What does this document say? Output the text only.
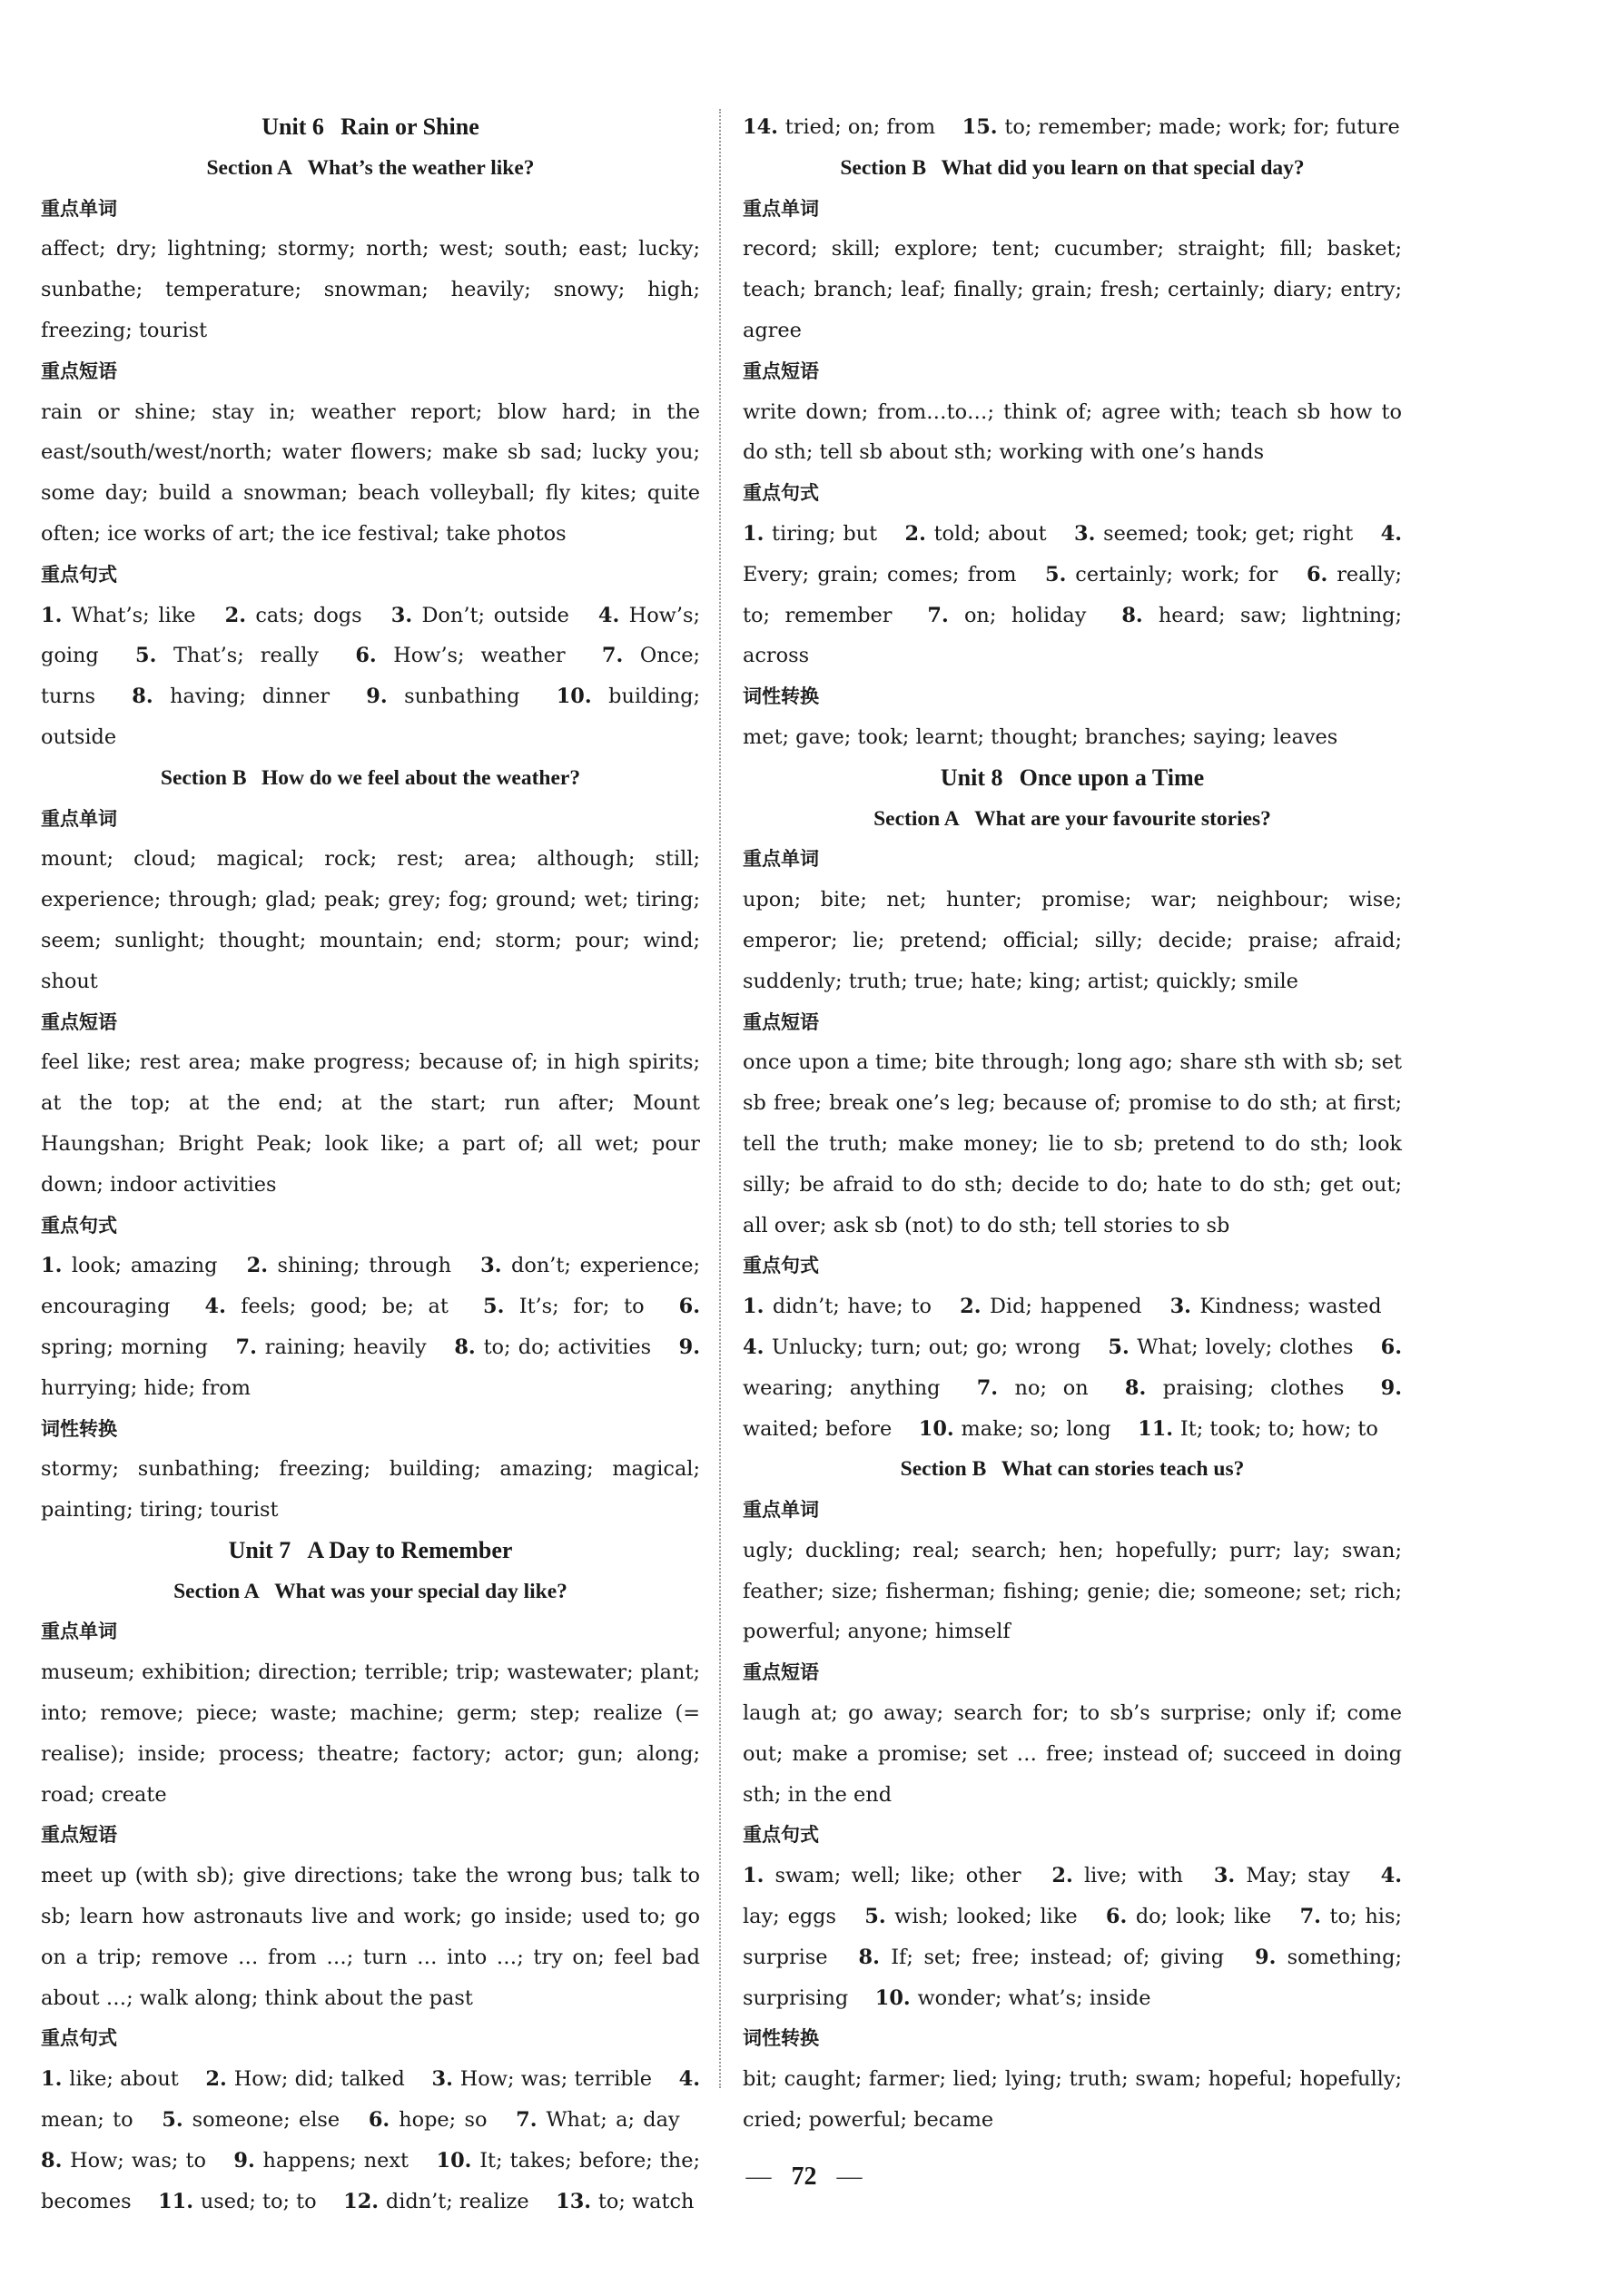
Unit 6 Rain or Shine
Section A What’s the weather like?
重点单词
affect; dry; lightning; stormy; north; west; south; east; lucky; sunbathe; temperature; snowman; heavily; snowy; high; freezing; tourist
重点短语
rain or shine; stay in; weather report; blow hard; in the east/south/west/north; water flowers; make sb sad; lucky you; some day; build a snowman; beach volleyball; fly kites; quite often; ice works of art; the ice festival; take photos
重点句式
1. What’s; like  2. cats; dogs  3. Don’t; outside  4. How’s; going  5. That’s; really  6. How’s; weather  7. Once; turns  8. having; dinner  9. sunbathing  10. building; outside
Section B How do we feel about the weather?
重点单词
mount; cloud; magical; rock; rest; area; although; still; experience; through; glad; peak; grey; fog; ground; wet; tiring; seem; sunlight; thought; mountain; end; storm; pour; wind; shout
重点短语
feel like; rest area; make progress; because of; in high spirits; at the top; at the end; at the start; run after; Mount Haungshan; Bright Peak; look like; a part of; all wet; pour down; indoor activities
重点句式
1. look; amazing  2. shining; through  3. don’t; experience; encouraging  4. feels; good; be; at  5. It’s; for; to  6. spring; morning  7. raining; heavily  8. to; do; activities  9. hurrying; hide; from
词性转换
stormy; sunbathing; freezing; building; amazing; magical; painting; tiring; tourist
Unit 7 A Day to Remember
Section A What was your special day like?
重点单词
museum; exhibition; direction; terrible; trip; wastewater; plant; into; remove; piece; waste; machine; germ; step; realize (= realise); inside; process; theatre; factory; actor; gun; along; road; create
重点短语
meet up (with sb); give directions; take the wrong bus; talk to sb; learn how astronauts live and work; go inside; used to; go on a trip; remove … from …; turn … into …; try on; feel bad about …; walk along; think about the past
重点句式
1. like; about  2. How; did; talked  3. How; was; terrible  4. mean; to  5. someone; else  6. hope; so  7. What; a; day  8. How; was; to  9. happens; next  10. It; takes; before; the; becomes  11. used; to; to  12. didn’t; realize  13. to; watch
14. tried; on; from  15. to; remember; made; work; for; future
Section B What did you learn on that special day?
重点单词
record; skill; explore; tent; cucumber; straight; fill; basket; teach; branch; leaf; finally; grain; fresh; certainly; diary; entry; agree
重点短语
write down; from…to…; think of; agree with; teach sb how to do sth; tell sb about sth; working with one’s hands
重点句式
1. tiring; but  2. told; about  3. seemed; took; get; right  4. Every; grain; comes; from  5. certainly; work; for  6. really; to; remember  7. on; holiday  8. heard; saw; lightning; across
词性转换
met; gave; took; learnt; thought; branches; saying; leaves
Unit 8 Once upon a Time
Section A What are your favourite stories?
重点单词
upon; bite; net; hunter; promise; war; neighbour; wise; emperor; lie; pretend; official; silly; decide; praise; afraid; suddenly; truth; true; hate; king; artist; quickly; smile
重点短语
once upon a time; bite through; long ago; share sth with sb; set sb free; break one’s leg; because of; promise to do sth; at first; tell the truth; make money; lie to sb; pretend to do sth; look silly; be afraid to do sth; decide to do; hate to do sth; get out; all over; ask sb (not) to do sth; tell stories to sb
重点句式
1. didn’t; have; to  2. Did; happened  3. Kindness; wasted  4. Unlucky; turn; out; go; wrong  5. What; lovely; clothes  6. wearing; anything  7. no; on  8. praising; clothes  9. waited; before  10. make; so; long  11. It; took; to; how; to
Section B What can stories teach us?
重点单词
ugly; duckling; real; search; hen; hopefully; purr; lay; swan; feather; size; fisherman; fishing; genie; die; someone; set; rich; powerful; anyone; himself
重点短语
laugh at; go away; search for; to sb’s surprise; only if; come out; make a promise; set … free; instead of; succeed in doing sth; in the end
重点句式
1. swam; well; like; other  2. live; with  3. May; stay  4. lay; eggs  5. wish; looked; like  6. do; look; like  7. to; his; surprise  8. If; set; free; instead; of; giving  9. something; surprising  10. wonder; what’s; inside
词性转换
bit; caught; farmer; lied; lying; truth; swam; hopeful; hopefully; cried; powerful; became
— 72 —
